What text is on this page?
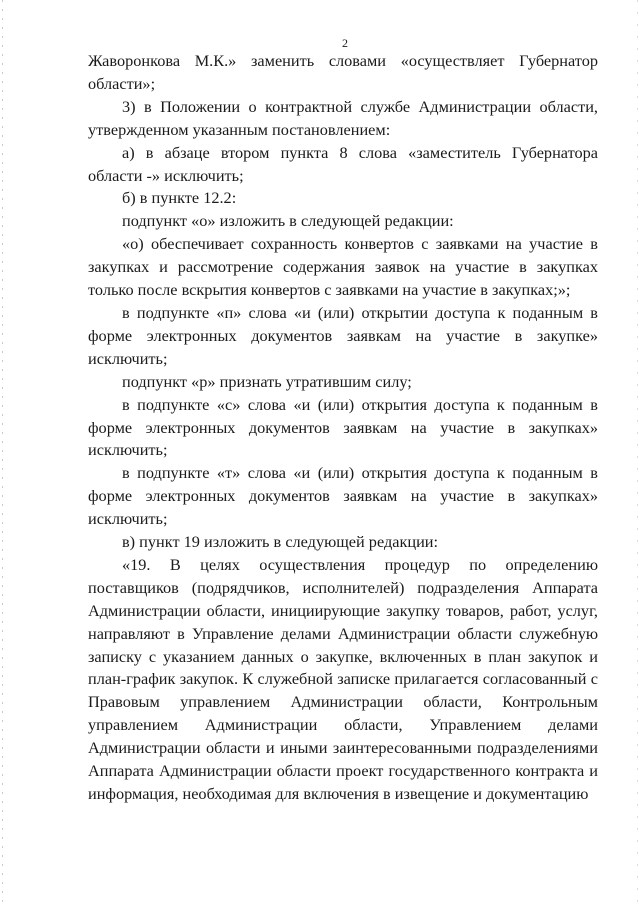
2

Жаворонкова М.К.» заменить словами «осуществляет Губернатор области»;

3) в Положении о контрактной службе Администрации области, утвержденном указанным постановлением:

а) в абзаце втором пункта 8 слова «заместитель Губернатора области -» исключить;

б) в пункте 12.2:

подпункт «о» изложить в следующей редакции:

«о) обеспечивает сохранность конвертов с заявками на участие в закупках и рассмотрение содержания заявок на участие в закупках только после вскрытия конвертов с заявками на участие в закупках;»;

в подпункте «п» слова «и (или) открытии доступа к поданным в форме электронных документов заявкам на участие в закупке» исключить;

подпункт «р» признать утратившим силу;

в подпункте «с» слова «и (или) открытия доступа к поданным в форме электронных документов заявкам на участие в закупках» исключить;

в подпункте «т» слова «и (или) открытия доступа к поданным в форме электронных документов заявкам на участие в закупках» исключить;

в) пункт 19 изложить в следующей редакции:

«19. В целях осуществления процедур по определению поставщиков (подрядчиков, исполнителей) подразделения Аппарата Администрации области, инициирующие закупку товаров, работ, услуг, направляют в Управление делами Администрации области служебную записку с указанием данных о закупке, включенных в план закупок и план-график закупок. К служебной записке прилагается согласованный с Правовым управлением Администрации области, Контрольным управлением Администрации области, Управлением делами Администрации области и иными заинтересованными подразделениями Аппарата Администрации области проект государственного контракта и информация, необходимая для включения в извещение и документацию
